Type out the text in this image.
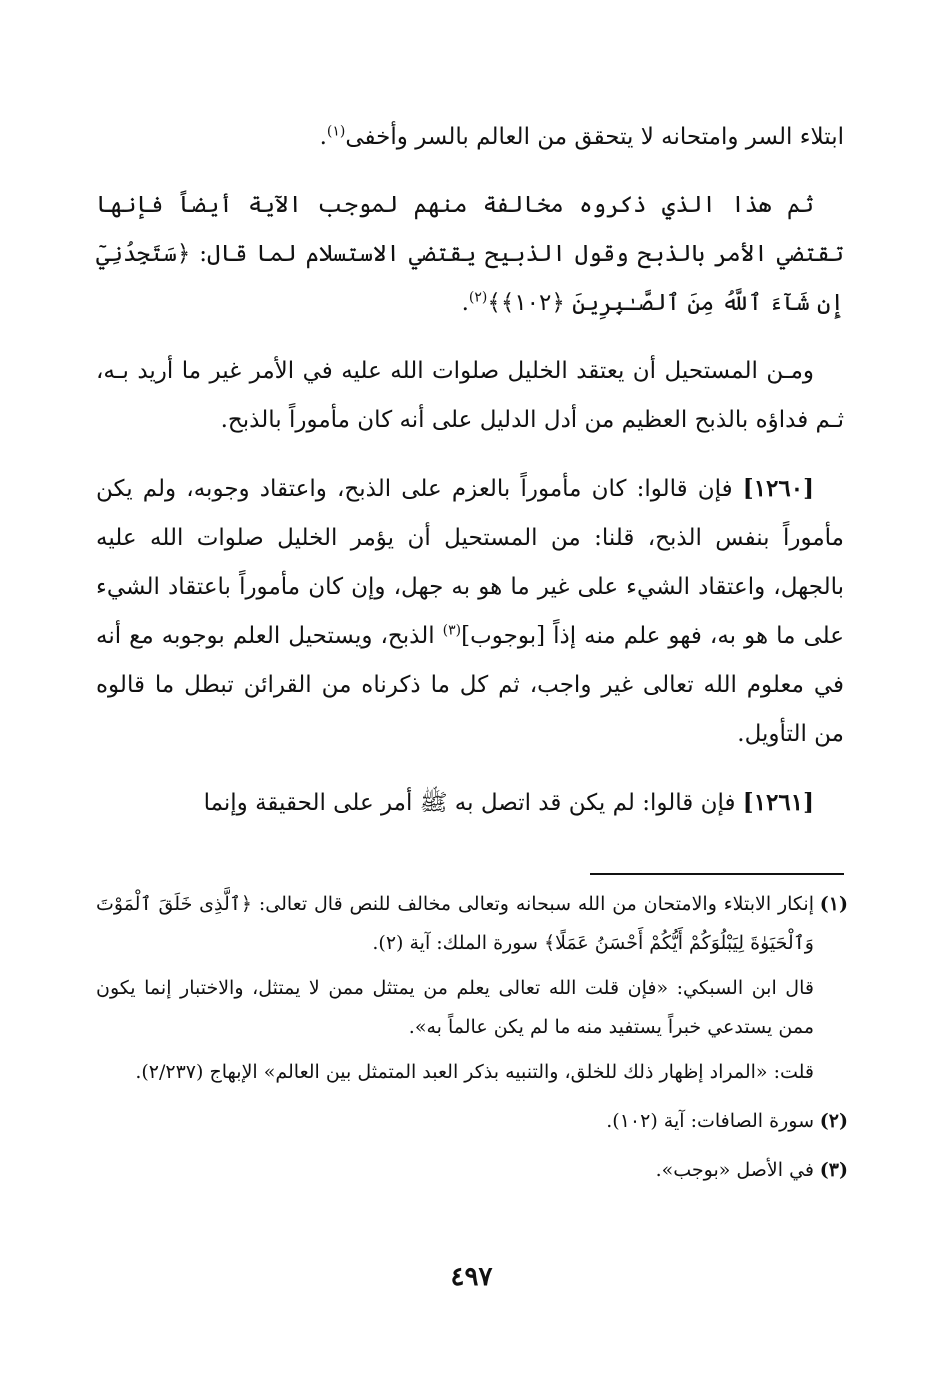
ابتلاء السر وامتحانه لا يتحقق من العالم بالسر وأخفى$^{(١)}$.

ثم هذا الذي ذكروه مخالفة منهم لموجب الآية أيضاً فإنها تقتضي الأمر بالذبح وقول الذبيح يقتضي الاستسلام لما قال: ﴿سَتَجِدُنِيٓ إِن شَآءَ ٱللَّهُ مِنَ ٱلصَّـٰبِرِينَ ﴿١٠٢﴾﴾$^{(٢)}$.

ومـن المستحيل أن يعتقد الخليل صلوات الله عليه في الأمر غير ما أريد بـه، ثـم فداؤه بالذبح العظيم من أدل الدليل على أنه كان مأموراً بالذبح.

[١٢٦٠] فإن قالوا: كان مأموراً بالعزم على الذبح، واعتقاد وجوبه، ولم يكن مأموراً بنفس الذبح، قلنا: من المستحيل أن يؤمر الخليل صلوات الله عليه بالجهل، واعتقاد الشيء على غير ما هو به جهل، وإن كان مأموراً باعتقاد الشيء على ما هو به، فهو علم منه إذاً [بوجوب]$^{(٣)}$ الذبح، ويستحيل العلم بوجوبه مع أنه في معلوم الله تعالى غير واجب، ثم كل ما ذكرناه من القرائن تبطل ما قالوه من التأويل.

[١٢٦١] فإن قالوا: لم يكن قد اتصل به ﷺ أمر على الحقيقة وإنما

(١)

إنكار الابتلاء والامتحان من الله سبحانه وتعالى مخالف للنص قال تعالى: ﴿ٱلَّذِى خَلَقَ ٱلْمَوْتَ وَٱلْحَيَوٰةَ لِيَبْلُوَكُمْ أَيُّكُمْ أَحْسَنُ عَمَلًا﴾ سورة الملك: آية (٢).

قال ابن السبكي: «فإن قلت الله تعالى يعلم من يمتثل ممن لا يمتثل، والاختبار إنما يكون ممن يستدعي خبراً يستفيد منه ما لم يكن عالماً به».

قلت: «المراد إظهار ذلك للخلق، والتنبيه بذكر العبد المتمثل بين العالم» الإبهاج (٢/٢٣٧).

(٢)

سورة الصافات: آية (١٠٢).

(٣)

في الأصل «بوجب».

٤٩٧
